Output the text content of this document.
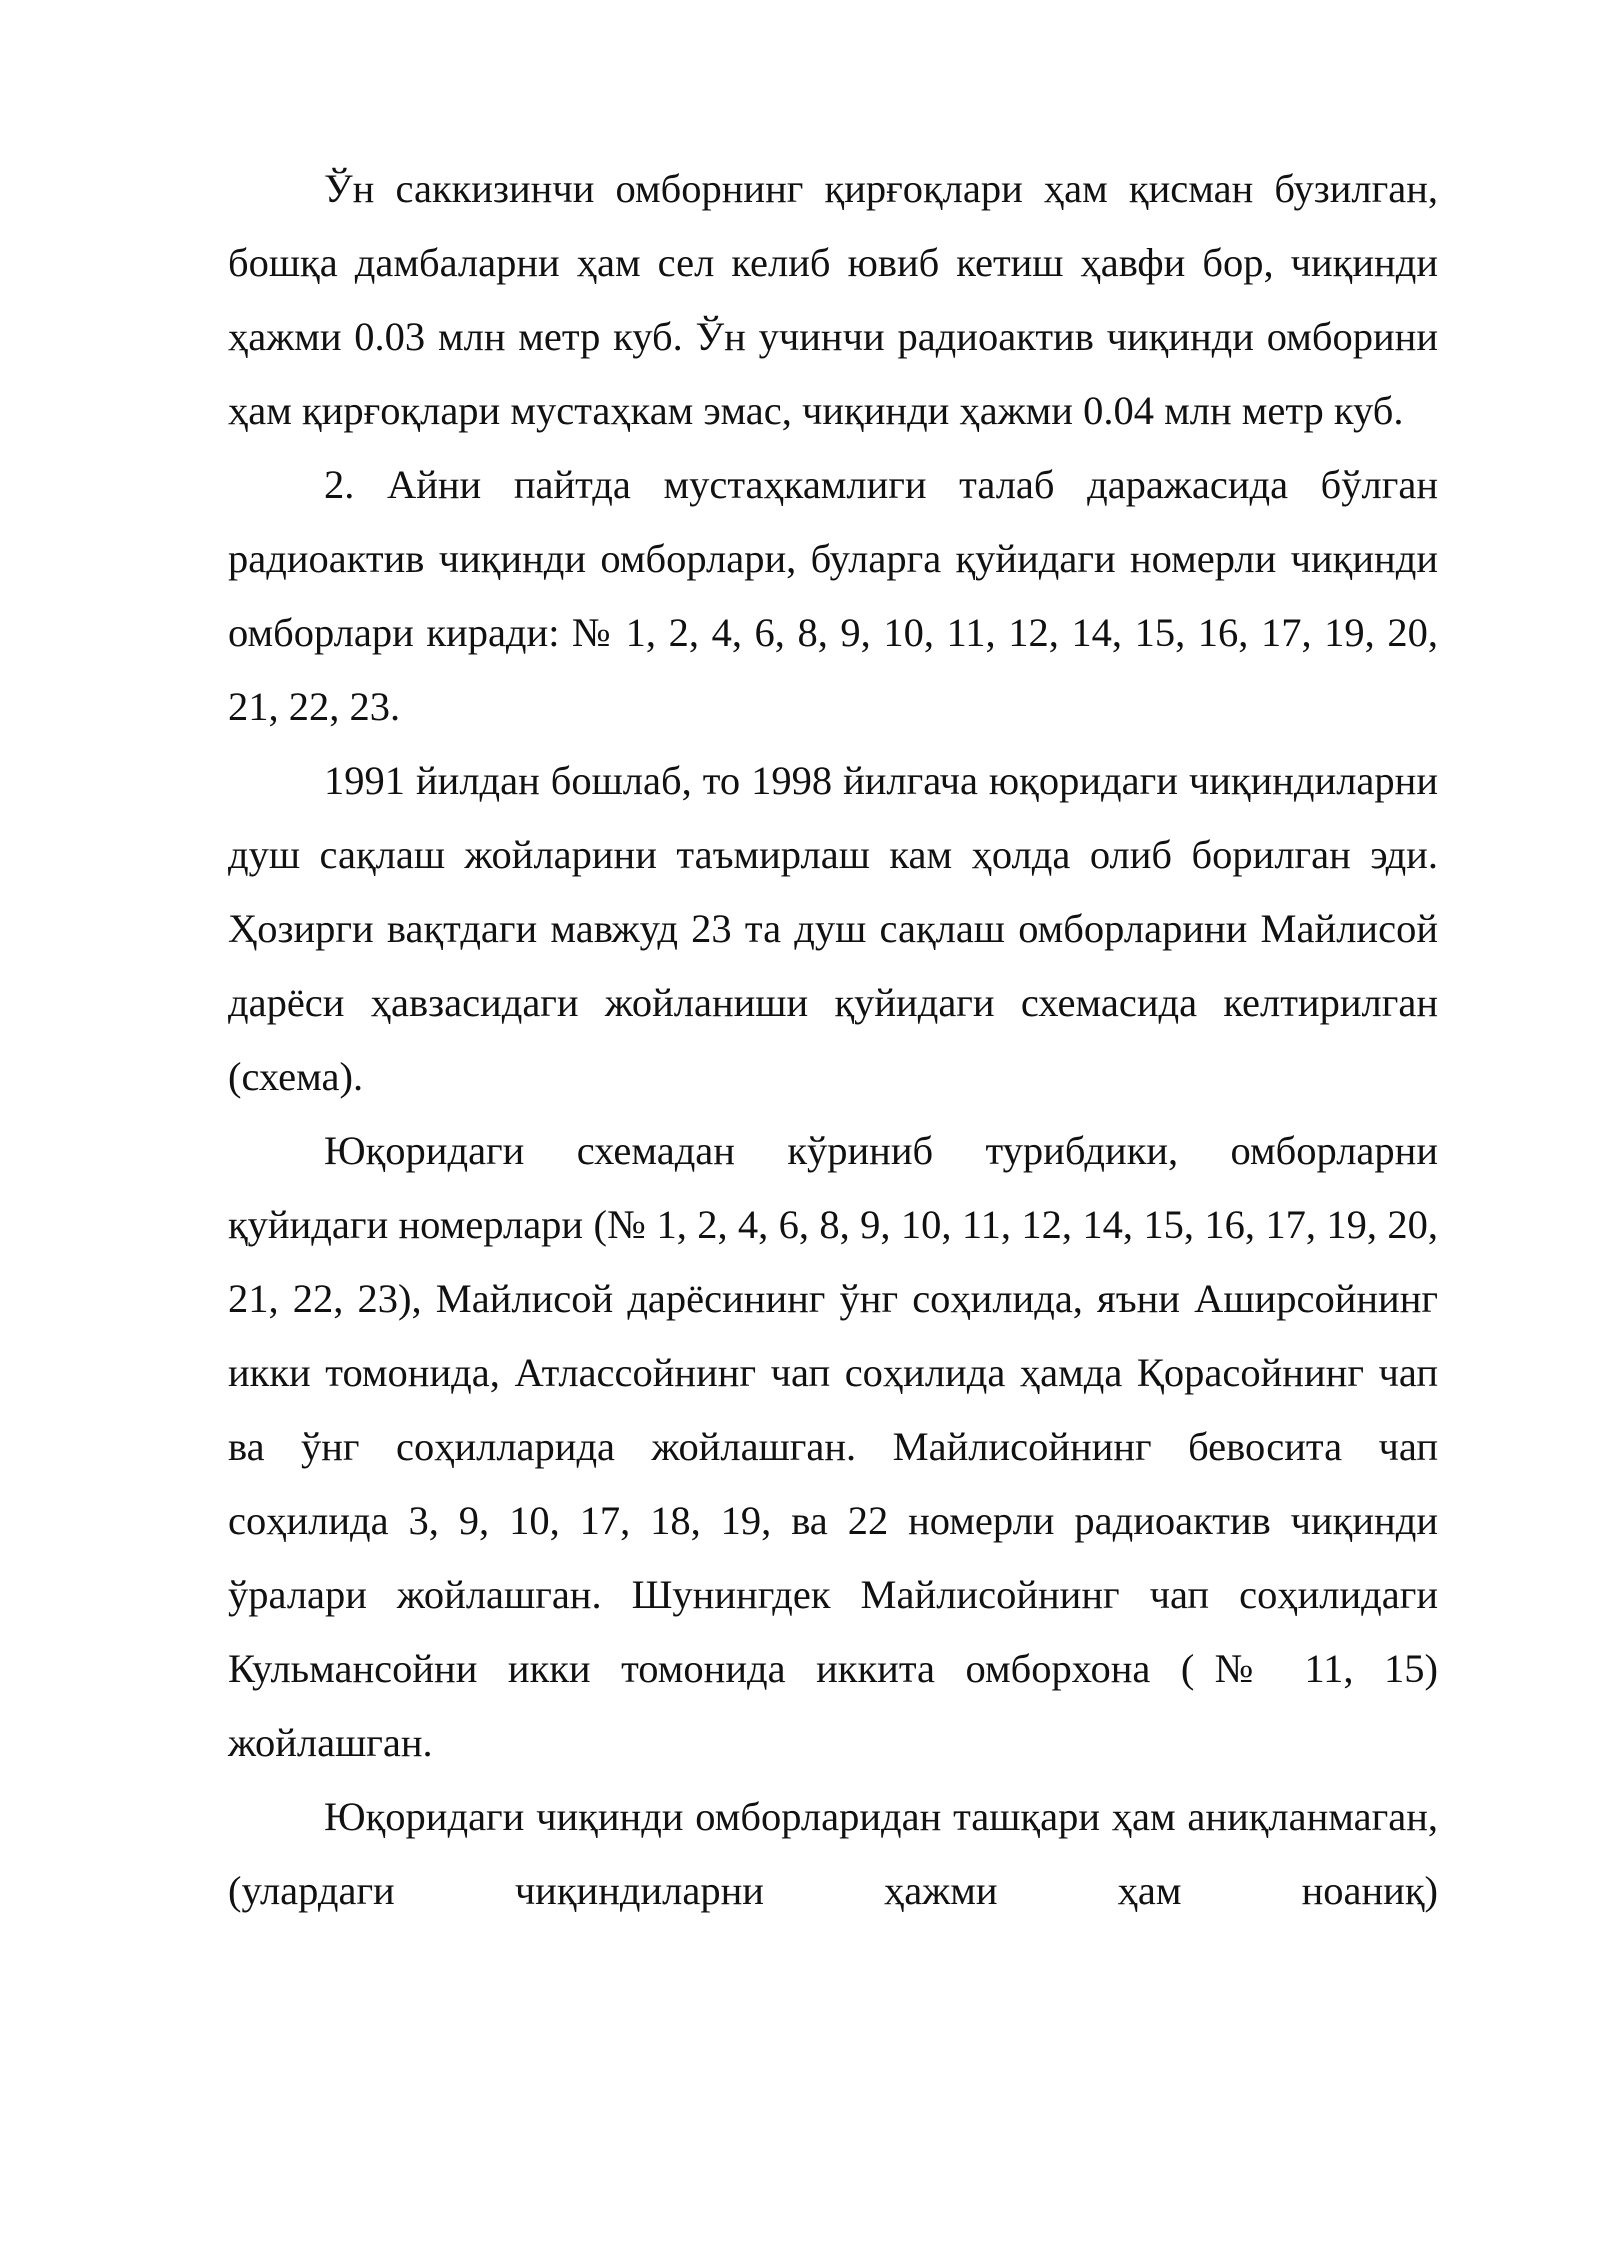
Ўн саккизинчи омборнинг қирғоқлари ҳам қисман бузилган, бошқа дамбаларни ҳам сел келиб ювиб кетиш ҳавфи бор, чиқинди ҳажми 0.03 млн метр куб. Ўн учинчи радиоактив чиқинди омборини ҳам қирғоқлари мустаҳкам эмас, чиқинди ҳажми 0.04 млн метр куб.

2. Айни пайтда мустаҳкамлиги талаб даражасида бўлган радиоактив чиқинди омборлари, буларга қуйидаги номерли чиқинди омборлари киради: № 1, 2, 4, 6, 8, 9, 10, 11, 12, 14, 15, 16, 17, 19, 20, 21, 22, 23.

1991 йилдан бошлаб, то 1998 йилгача юқоридаги чиқиндиларни душ сақлаш жойларини таъмирлаш кам ҳолда олиб борилган эди. Ҳозирги вақтдаги мавжуд 23 та душ сақлаш омборларини Майлисой дарёси ҳавзасидаги жойланиши қуйидаги схемасида келтирилган (схема).

Юқоридаги схемадан кўриниб турибдики, омборларни қуйидаги номерлари (№ 1, 2, 4, 6, 8, 9, 10, 11, 12, 14, 15, 16, 17, 19, 20, 21, 22, 23), Майлисой дарёсининг ўнг соҳилида, яъни Аширсойнинг икки томонида, Атлассойнинг чап соҳилида ҳамда Қорасойнинг чап ва ўнг соҳилларида жойлашган. Майлисойнинг бевосита чап соҳилида 3, 9, 10, 17, 18, 19, ва 22 номерли радиоактив чиқинди ўралари жойлашган. Шунингдек Майлисойнинг чап соҳилидаги Кульмансойни икки томонида иккита омборхона (№ 11, 15) жойлашган.

Юқоридаги чиқинди омборларидан ташқари ҳам аниқланмаган, (улардаги чиқиндиларни ҳажми ҳам ноаниқ)
